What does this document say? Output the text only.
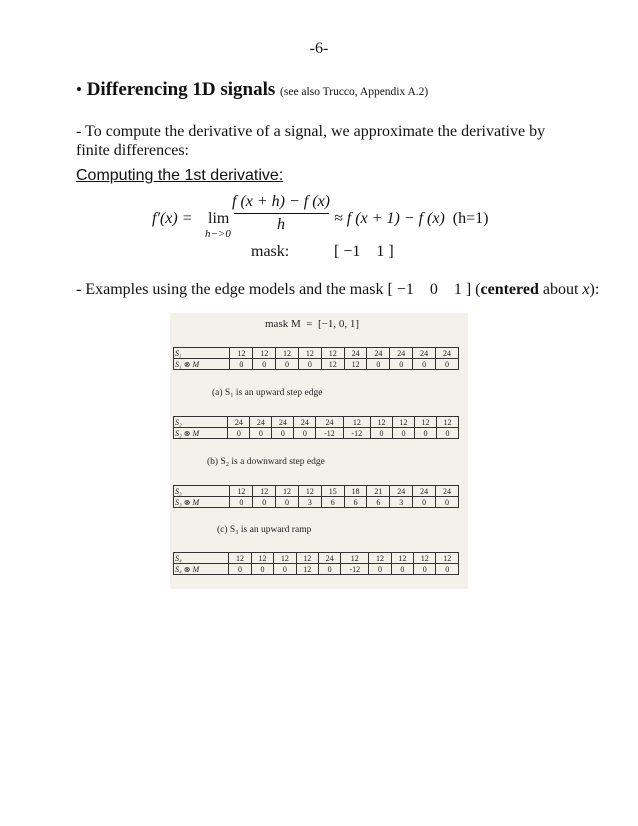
-6-
• Differencing 1D signals (see also Trucco, Appendix A.2)
- To compute the derivative of a signal, we approximate the derivative by finite differences:
Computing the 1st derivative:
f′(x) = lim
h−>0
f (x + h) − f (x)
h	≈ f (x + 1) − f (x) (h=1)
mask:	[ −1    1 ]
- Examples using the edge models and the mask [ −1    0    1 ] (centered about x):
mask M  =  [−1, 0, 1]
S₁	12	12	12	12	12	24	24	24	24	24
S₁ ⊗ M	0	0	0	0	12	12	0	0	0	0
(a) S₁ is an upward step edge
S₂	24	24	24	24	24	12	12	12	12	12
S₂ ⊗ M	0	0	0	0	-12	-12	0	0	0	0
(b) S₂ is a downward step edge
S₃	12	12	12	12	15	18	21	24	24	24
S₃ ⊗ M	0	0	0	3	6	6	6	3	0	0
(c) S₃ is an upward ramp
S₄	12	12	12	12	24	12	12	12	12	12
S₄ ⊗ M	0	0	0	12	0	-12	0	0	0	0
